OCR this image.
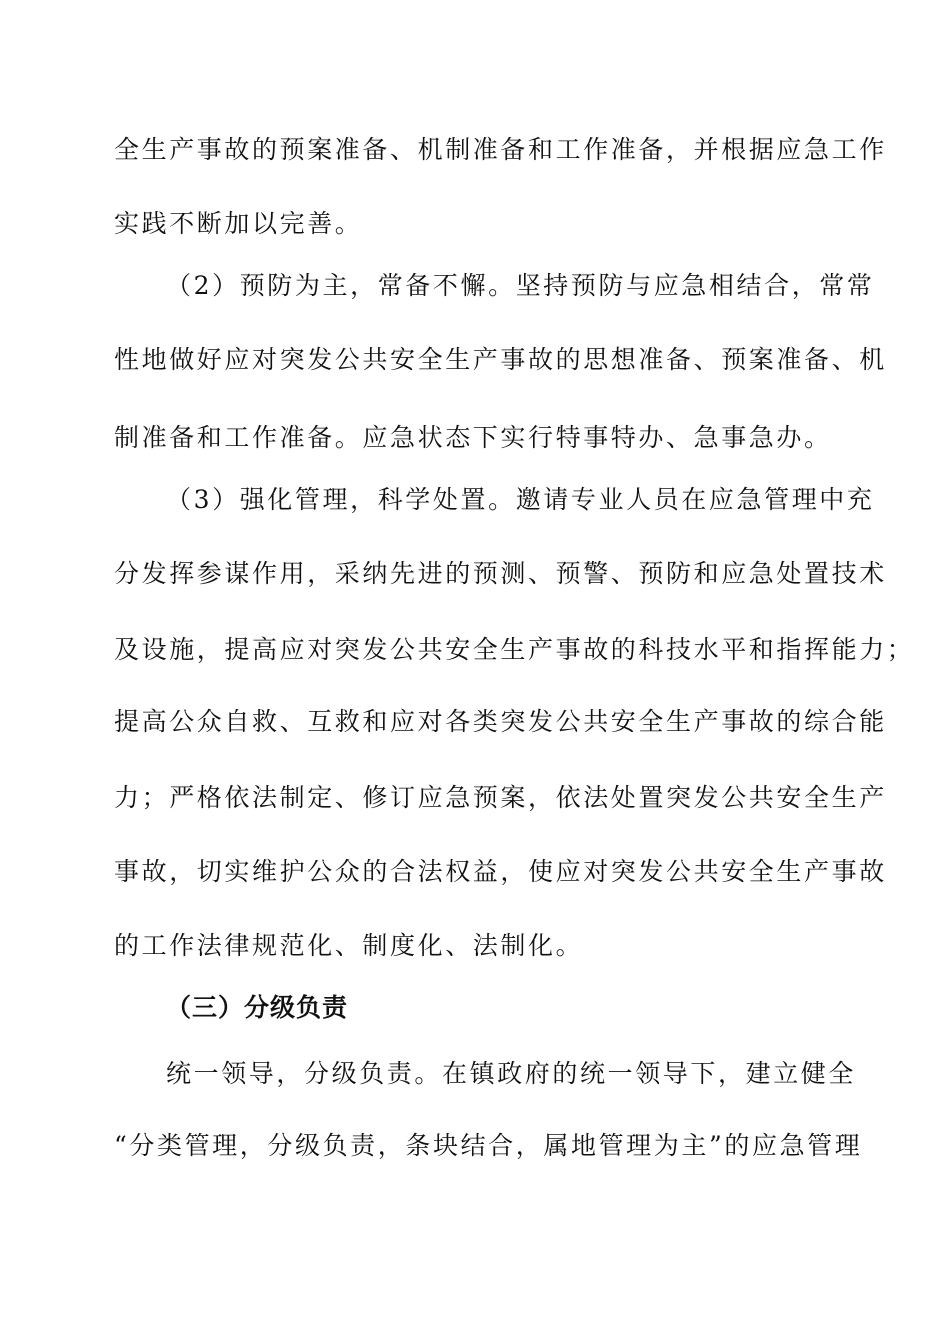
全生产事故的预案准备、机制准备和工作准备，并根据应急工作
实践不断加以完善。
（2）预防为主，常备不懈。坚持预防与应急相结合，常常
性地做好应对突发公共安全生产事故的思想准备、预案准备、机
制准备和工作准备。应急状态下实行特事特办、急事急办。
（3）强化管理，科学处置。邀请专业人员在应急管理中充
分发挥参谋作用，采纳先进的预测、预警、预防和应急处置技术
及设施，提高应对突发公共安全生产事故的科技水平和指挥能力；
提高公众自救、互救和应对各类突发公共安全生产事故的综合能
力；严格依法制定、修订应急预案，依法处置突发公共安全生产
事故，切实维护公众的合法权益，使应对突发公共安全生产事故
的工作法律规范化、制度化、法制化。
（三）分级负责
统一领导，分级负责。在镇政府的统一领导下，建立健全
“分类管理，分级负责，条块结合，属地管理为主”的应急管理
